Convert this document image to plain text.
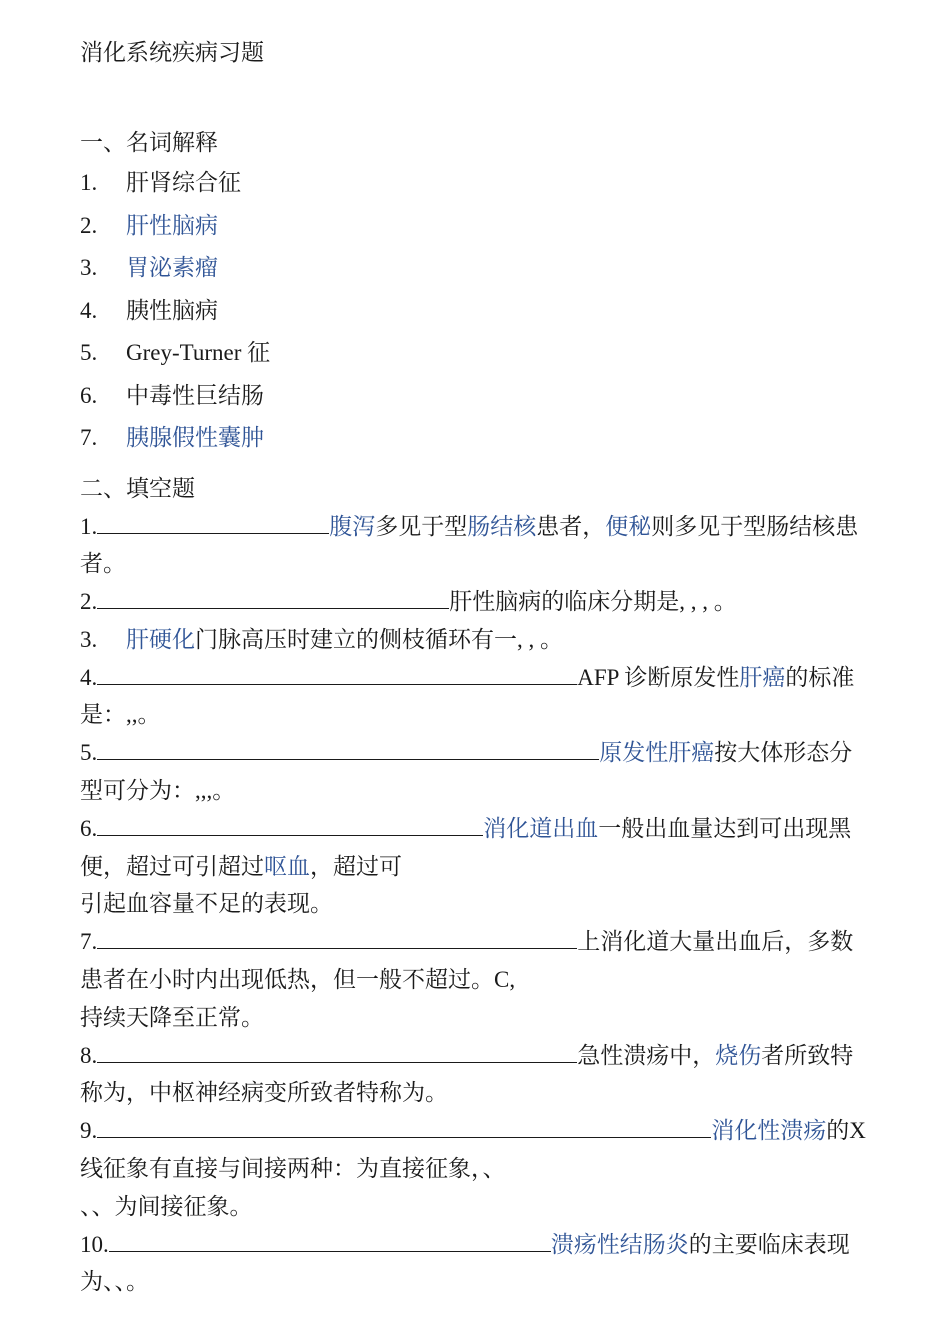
消化系统疾病习题
一、名词解释
1. 肝肾综合征
2. 肝性脑病
3. 胃泌素瘤
4. 胰性脑病
5. Grey-Turner 征
6. 中毒性巨结肠
7. 胰腺假性囊肿
二、填空题
1.	腹泻多见于型肠结核患者，便秘则多见于型肠结核患者。
2.	肝性脑病的临床分期是, , , 。
3. 肝硬化门脉高压时建立的侧枝循环有一, , 。
4.	AFP 诊断原发性肝癌的标准是：,,。
5.	原发性肝癌按大体形态分型可分为：,,,。
6.	消化道出血一般出血量达到可出现黑便，超过可引超过呕血，超过可
引起血容量不足的表现。
7.	上消化道大量出血后，多数患者在小时内出现低热，但一般不超过。C,
持续天降至正常。
8.	急性溃疡中，烧伤者所致特称为，中枢神经病变所致者特称为。
9.	消化性溃疡的X 线征象有直接与间接两种：为直接征象，、
、、为间接征象。
10.	溃疡性结肠炎的主要临床表现为、、。
